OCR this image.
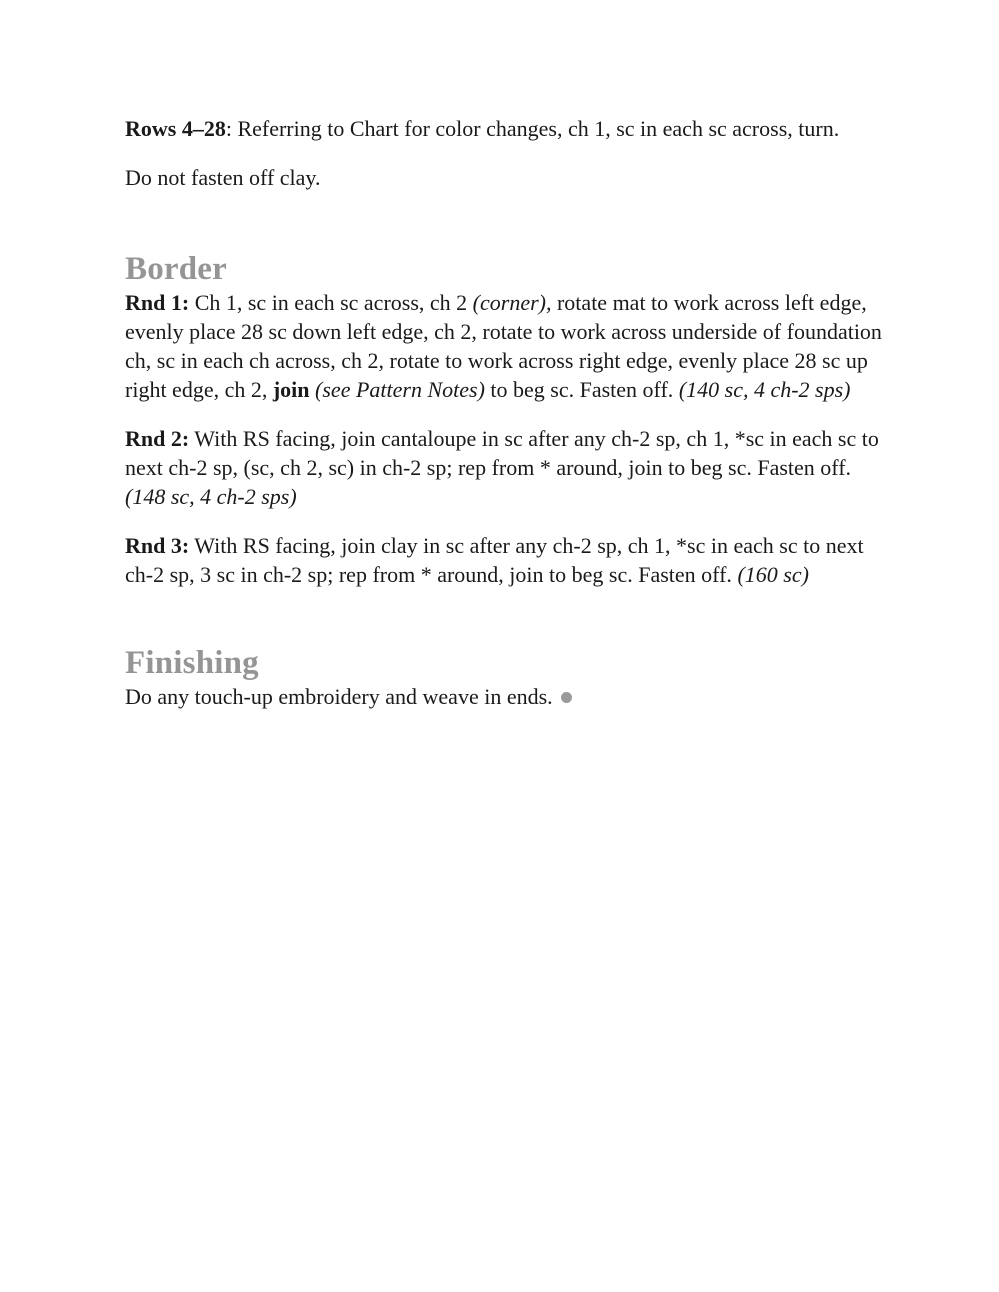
Rows 4–28: Referring to Chart for color changes, ch 1, sc in each sc across, turn.

Do not fasten off clay.

Border

Rnd 1: Ch 1, sc in each sc across, ch 2 (corner), rotate mat to work across left edge, evenly place 28 sc down left edge, ch 2, rotate to work across underside of foundation ch, sc in each ch across, ch 2, rotate to work across right edge, evenly place 28 sc up right edge, ch 2, join (see Pattern Notes) to beg sc. Fasten off. (140 sc, 4 ch-2 sps)

Rnd 2: With RS facing, join cantaloupe in sc after any ch-2 sp, ch 1, *sc in each sc to next ch-2 sp, (sc, ch 2, sc) in ch-2 sp; rep from * around, join to beg sc. Fasten off. (148 sc, 4 ch-2 sps)

Rnd 3: With RS facing, join clay in sc after any ch-2 sp, ch 1, *sc in each sc to next ch-2 sp, 3 sc in ch-2 sp; rep from * around, join to beg sc. Fasten off. (160 sc)

Finishing

Do any touch-up embroidery and weave in ends.
